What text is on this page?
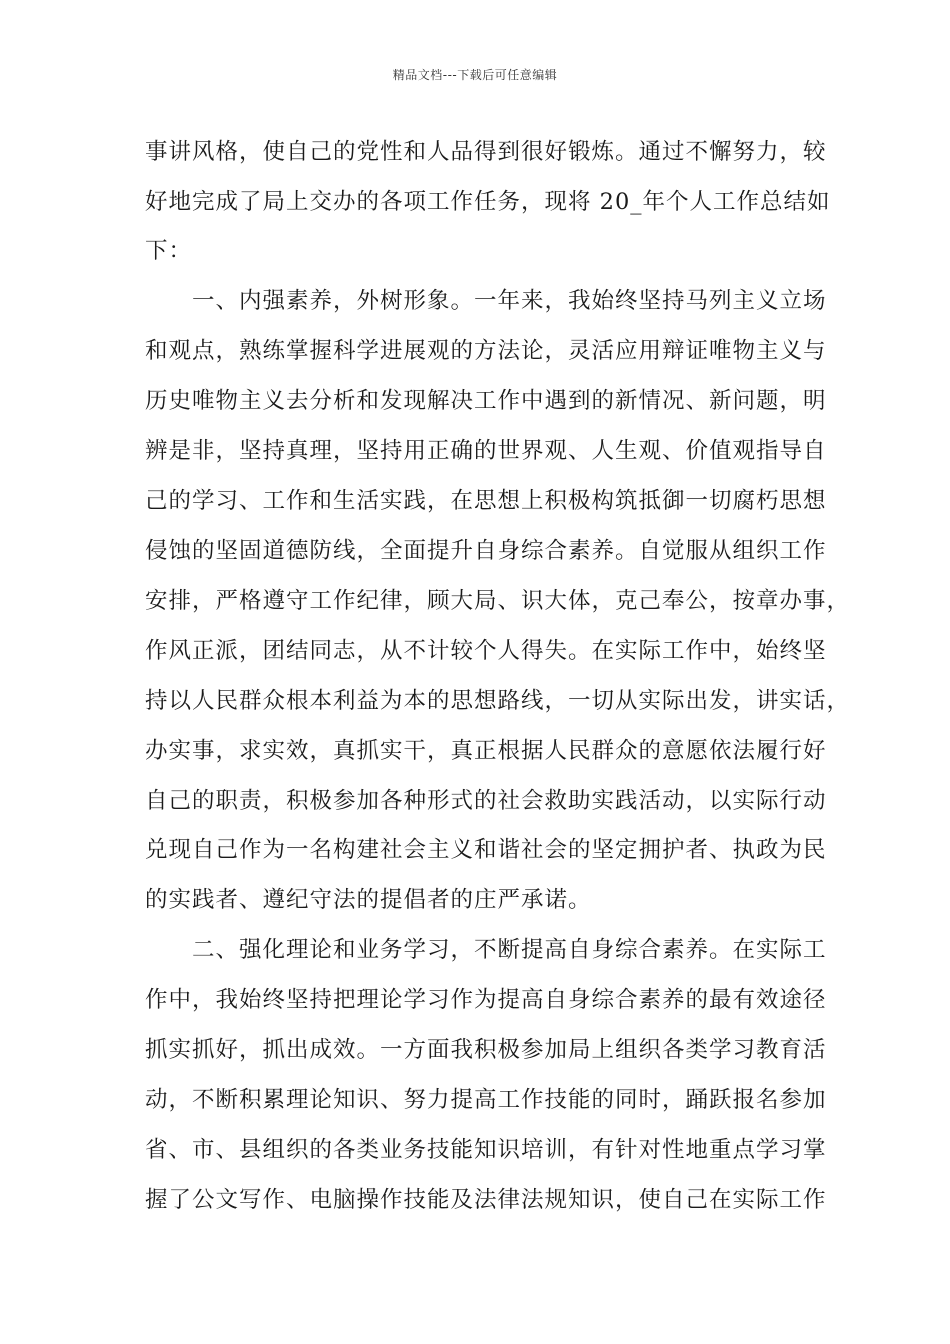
精品文档---下载后可任意编辑
事讲风格，使自己的党性和人品得到很好锻炼。通过不懈努力，较
好地完成了局上交办的各项工作任务，现将 20_年个人工作总结如
下：
　　一、内强素养，外树形象。一年来，我始终坚持马列主义立场
和观点，熟练掌握科学进展观的方法论，灵活应用辩证唯物主义与
历史唯物主义去分析和发现解决工作中遇到的新情况、新问题，明
辨是非，坚持真理，坚持用正确的世界观、人生观、价值观指导自
己的学习、工作和生活实践，在思想上积极构筑抵御一切腐朽思想
侵蚀的坚固道德防线，全面提升自身综合素养。自觉服从组织工作
安排，严格遵守工作纪律，顾大局、识大体，克己奉公，按章办事，
作风正派，团结同志，从不计较个人得失。在实际工作中，始终坚
持以人民群众根本利益为本的思想路线，一切从实际出发，讲实话，
办实事，求实效，真抓实干，真正根据人民群众的意愿依法履行好
自己的职责，积极参加各种形式的社会救助实践活动，以实际行动
兑现自己作为一名构建社会主义和谐社会的坚定拥护者、执政为民
的实践者、遵纪守法的提倡者的庄严承诺。
　　二、强化理论和业务学习，不断提高自身综合素养。在实际工
作中，我始终坚持把理论学习作为提高自身综合素养的最有效途径
抓实抓好，抓出成效。一方面我积极参加局上组织各类学习教育活
动，不断积累理论知识、努力提高工作技能的同时，踊跃报名参加
省、市、县组织的各类业务技能知识培训，有针对性地重点学习掌
握了公文写作、电脑操作技能及法律法规知识，使自己在实际工作
